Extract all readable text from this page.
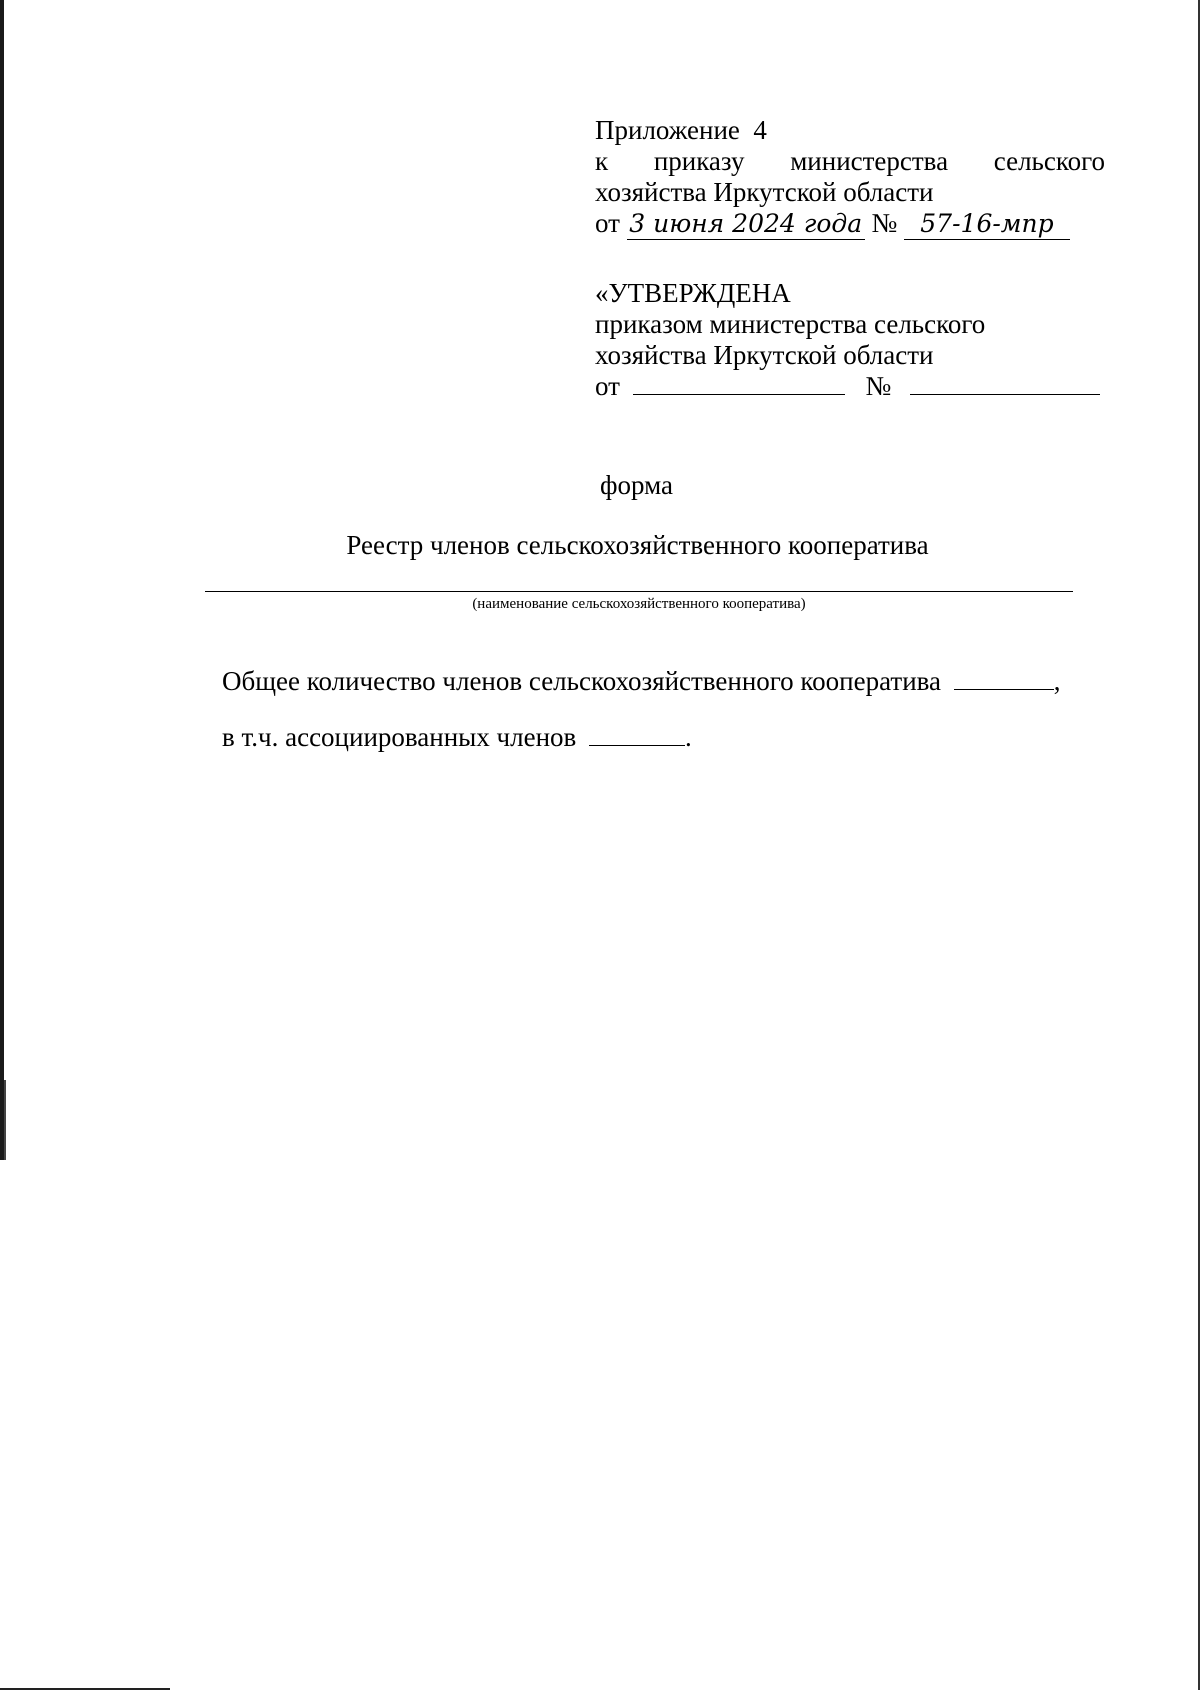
Приложение  4
к приказу министерства сельского
хозяйства Иркутской области
от 3 июня 2024 года № 57-16-мпр
«УТВЕРЖДЕНА
приказом министерства сельского
хозяйства Иркутской области
от	№
форма
Реестр членов сельскохозяйственного кооператива
(наименование сельскохозяйственного кооператива)
Общее количество членов сельскохозяйственного кооператива	,
в т.ч. ассоциированных членов	.
